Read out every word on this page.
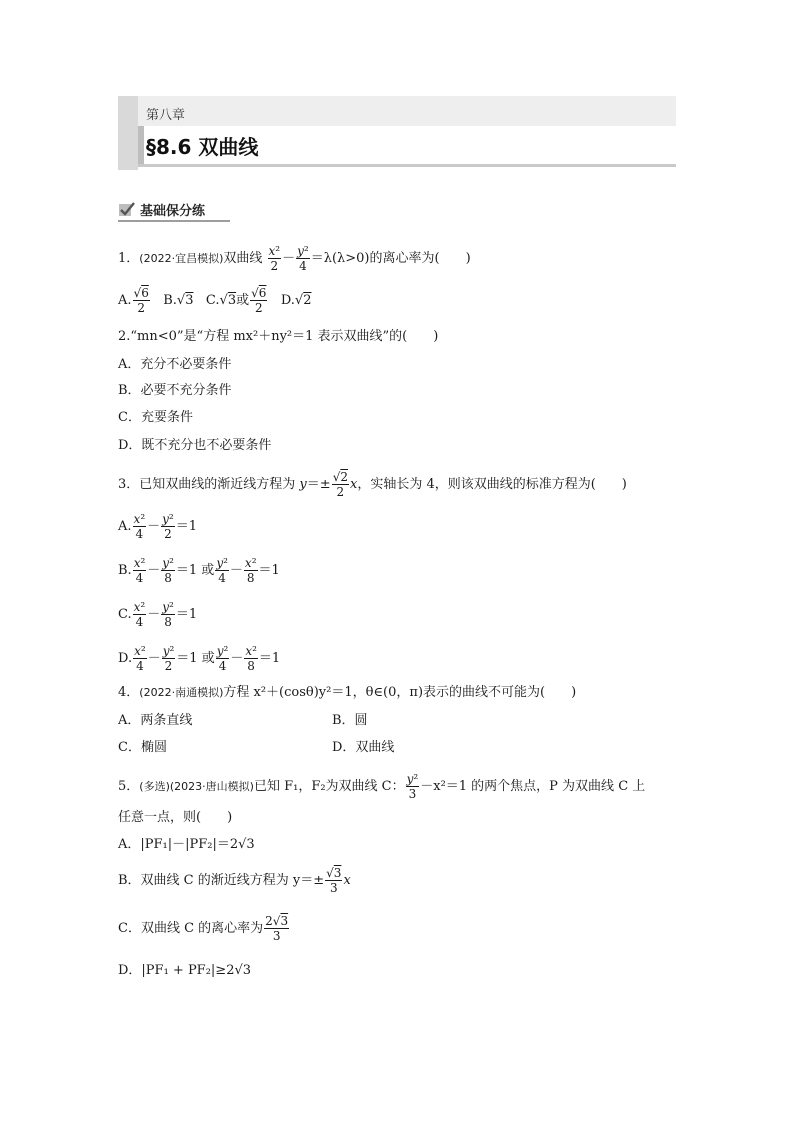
第八章
§8.6 双曲线
基础保分练
1．(2022·宜昌模拟)双曲线 $\frac{\text{x²}}{2} - \frac{\text{y²}}{4} =\lambda(\lambda>0)$的离心率为(　　)
A. $\frac{√6}{2} B.√3$ C.√3或 $\frac{√6}{2} D.√2$
2.“mn<0”是“方程 mx²＋ny²＝1 表示双曲线”的(　　)
A．充分不必要条件
B．必要不充分条件
C．充要条件
D．既不充分也不必要条件
3．已知双曲线的渐近线方程为 $y=\pm \frac{√2}{2}$ x，实轴长为 4，则该双曲线的标准方程为(　　)
A. $\frac{\text{x²}}{4} - \frac{\text{y²}}{2} =1$
B. $\frac{\text{x²}}{4} - \frac{\text{y²}}{8} =1$ 或 $\frac{\text{y²}}{4} - \frac{\text{x²}}{8} =1$
C. $\frac{\text{x²}}{4} - \frac{\text{y²}}{8} =1$
D. $\frac{\text{x²}}{4} - \frac{\text{y²}}{2} =1$ 或 $\frac{\text{y²}}{4} - \frac{\text{x²}}{8} =1$
4．(2022·南通模拟)方程 x²＋(cosθ)y²＝1，θ∈(0，π)表示的曲线不可能为(　　)
A．两条直线	B．圆
C．椭圆	D．双曲线
5．(多选)(2023·唐山模拟)已知 F₁，F₂为双曲线 C： $\frac{\text{y²}}{3} -x^2=1$ 的两个焦点，P 为双曲线 C 上
任意一点，则(　　)
A．|PF₁|－|PF₂|＝2√3
B．双曲线 C 的渐近线方程为 $y=\pm \frac{√3}{3}$ x
C．双曲线 C 的离心率为 $\frac{2√3}{3}$
D．|PF₁ + PF₂|≥2√3
